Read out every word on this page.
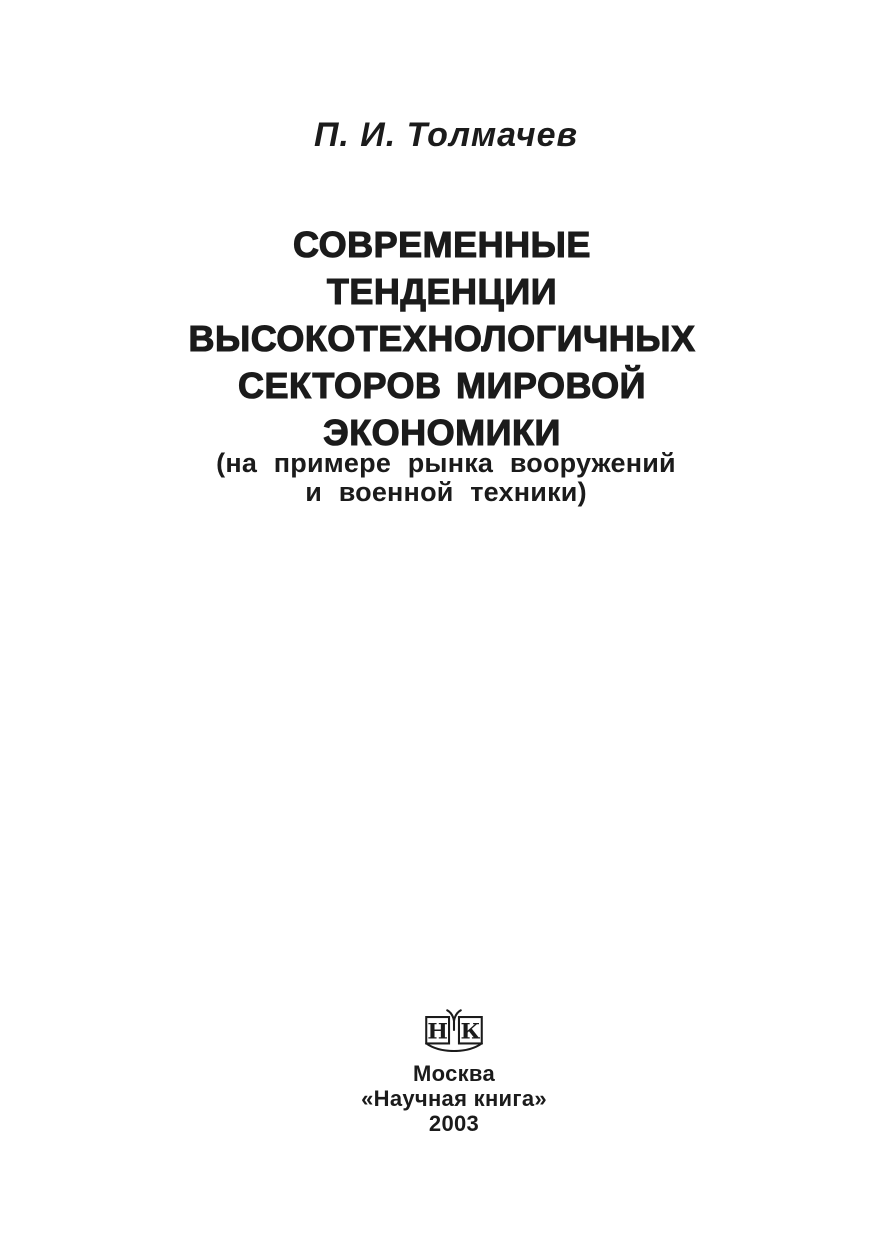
П. И. Толмачев
СОВРЕМЕННЫЕ
ТЕНДЕНЦИИ
ВЫСОКОТЕХНОЛОГИЧНЫХ
СЕКТОРОВ МИРОВОЙ
ЭКОНОМИКИ
(на примере рынка вооружений
и военной техники)
Н К
Москва
«Научная книга»
2003
